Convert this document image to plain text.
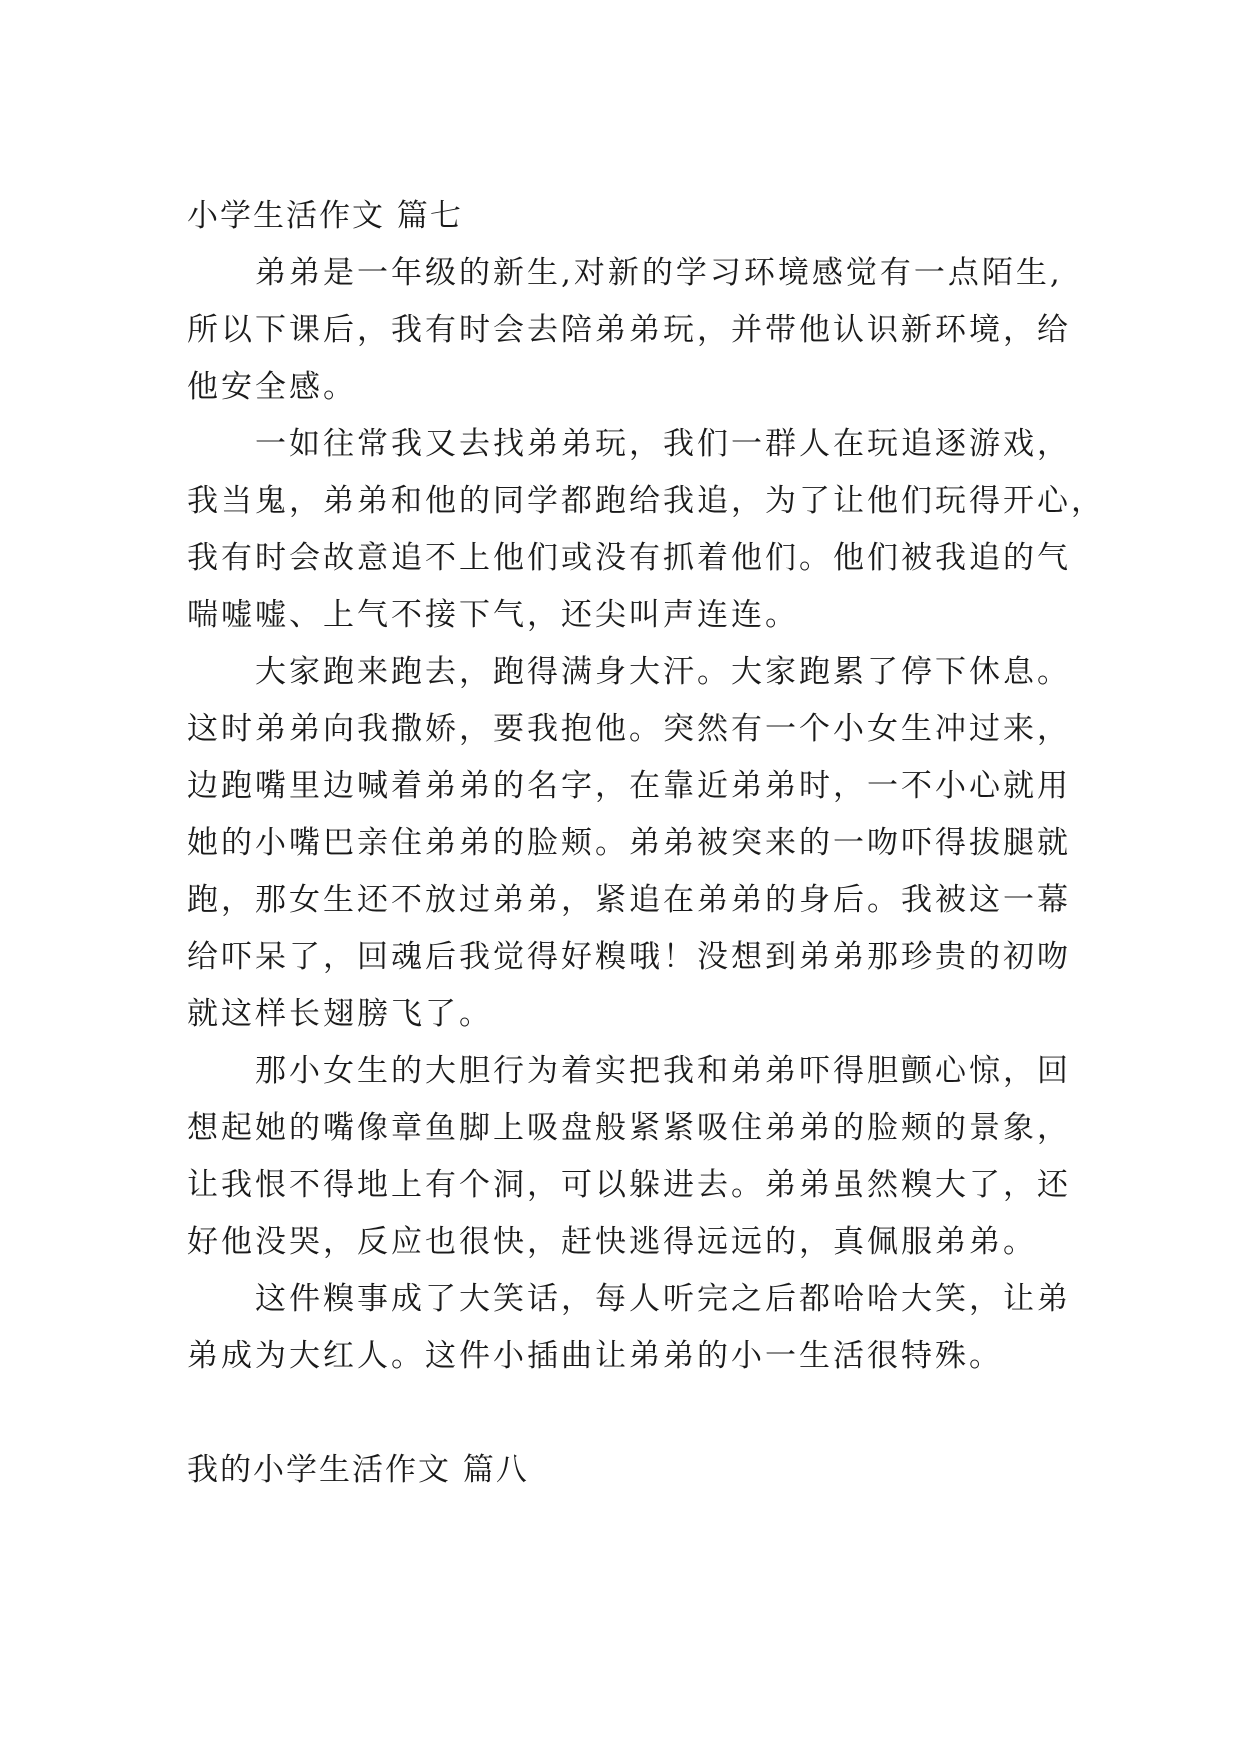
小学生活作文 篇七
弟弟是一年级的新生,对新的学习环境感觉有一点陌生,
所以下课后，我有时会去陪弟弟玩，并带他认识新环境，给
他安全感。
一如往常我又去找弟弟玩，我们一群人在玩追逐游戏，
我当鬼，弟弟和他的同学都跑给我追，为了让他们玩得开心，
我有时会故意追不上他们或没有抓着他们。他们被我追的气
喘嘘嘘、上气不接下气，还尖叫声连连。
大家跑来跑去，跑得满身大汗。大家跑累了停下休息。
这时弟弟向我撒娇，要我抱他。突然有一个小女生冲过来，
边跑嘴里边喊着弟弟的名字，在靠近弟弟时，一不小心就用
她的小嘴巴亲住弟弟的脸颊。弟弟被突来的一吻吓得拔腿就
跑，那女生还不放过弟弟，紧追在弟弟的身后。我被这一幕
给吓呆了，回魂后我觉得好糗哦！没想到弟弟那珍贵的初吻
就这样长翅膀飞了。
那小女生的大胆行为着实把我和弟弟吓得胆颤心惊，回
想起她的嘴像章鱼脚上吸盘般紧紧吸住弟弟的脸颊的景象，
让我恨不得地上有个洞，可以躲进去。弟弟虽然糗大了，还
好他没哭，反应也很快，赶快逃得远远的，真佩服弟弟。
这件糗事成了大笑话，每人听完之后都哈哈大笑，让弟
弟成为大红人。这件小插曲让弟弟的小一生活很特殊。
我的小学生活作文 篇八
